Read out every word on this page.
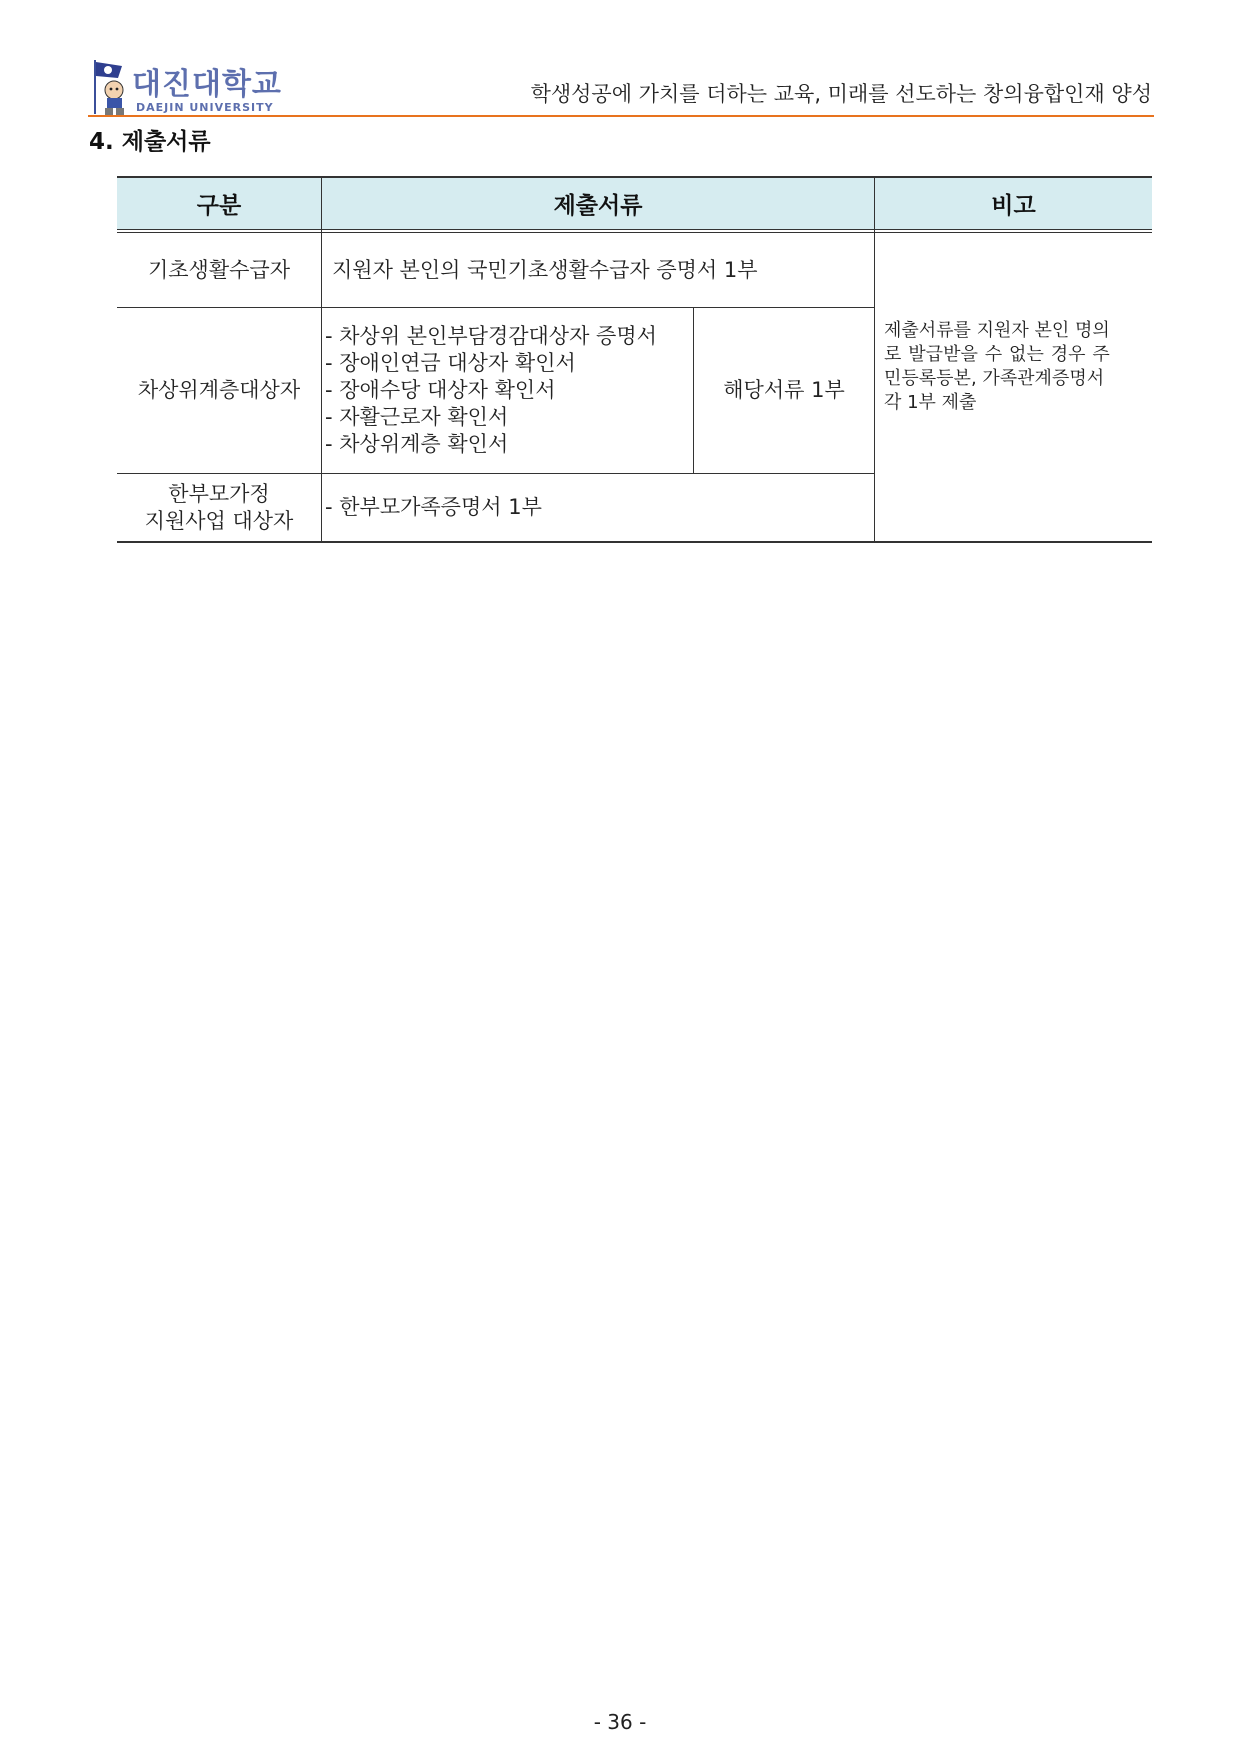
대진대학교
DAEJIN UNIVERSITY
학생성공에 가치를 더하는 교육, 미래를 선도하는 창의융합인재 양성
4. 제출서류
구분	제출서류	비고
기초생활수급자 지원자 본인의 국민기초생활수급자 증명서 1부
차상위계층대상자
- 차상위 본인부담경감대상자 증명서
- 장애인연금 대상자 확인서
- 장애수당 대상자 확인서
- 자활근로자 확인서
- 차상위계층 확인서
해당서류 1부
한부모가정
지원사업 대상자
- 한부모가족증명서 1부
제출서류를 지원자 본인 명의
로 발급받을 수 없는 경우 주
민등록등본, 가족관계증명서
각 1부 제출
- 36 -
